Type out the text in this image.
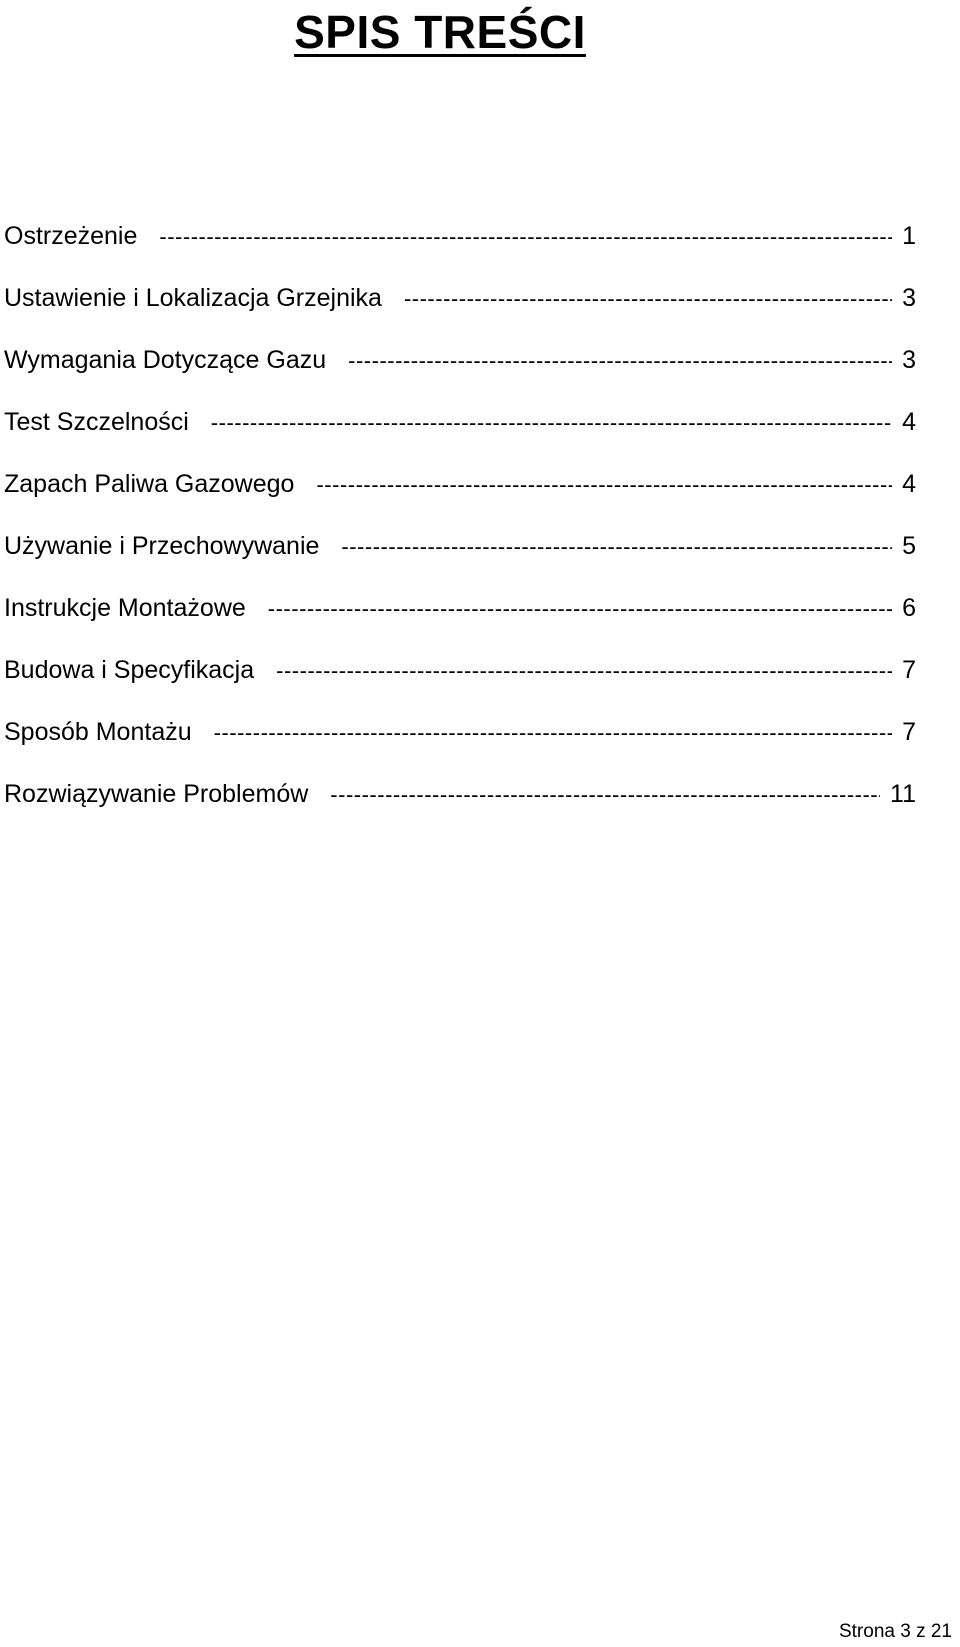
SPIS TREŚCI
Ostrzeżenie -----	1
Ustawienie i Lokalizacja Grzejnika -----	3
Wymagania Dotyczące Gazu -----	3
Test Szczelności -----	4
Zapach Paliwa Gazowego -----	4
Używanie i Przechowywanie -----	5
Instrukcje Montażowe -----	6
Budowa i Specyfikacja -----	7
Sposób Montażu -----	7
Rozwiązywanie Problemów -----	11

Strona 3 z 21
